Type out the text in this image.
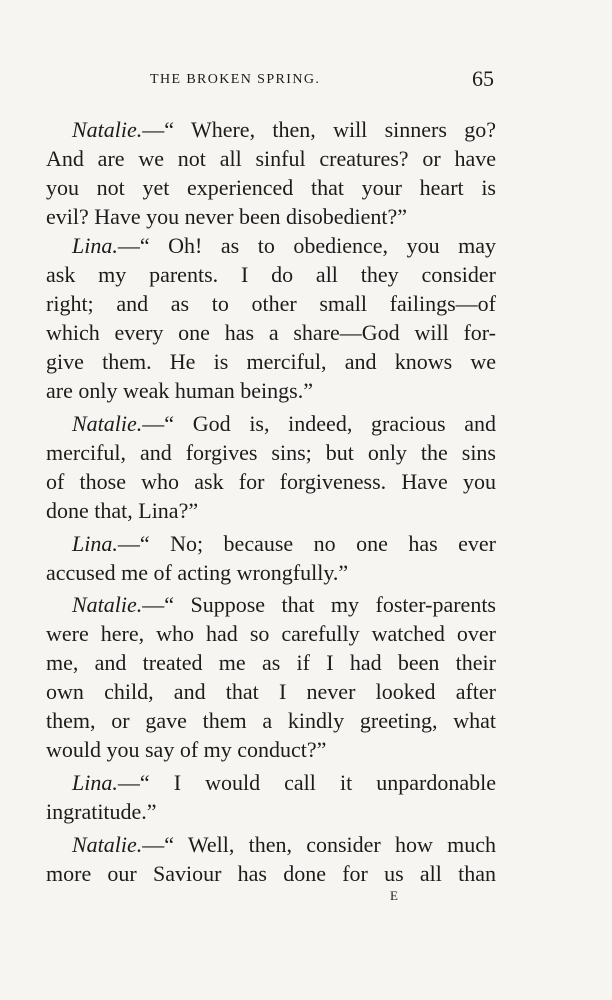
THE BROKEN SPRING.	65
Natalie.—“ Where, then, will sinners go?
And are we not all sinful creatures? or have
you not yet experienced that your heart is
evil? Have you never been disobedient?”
Lina.—“ Oh! as to obedience, you may
ask my parents. I do all they consider
right; and as to other small failings—of
which every one has a share—God will for-
give them. He is merciful, and knows we
are only weak human beings.”
Natalie.—“ God is, indeed, gracious and
merciful, and forgives sins; but only the sins
of those who ask for forgiveness. Have you
done that, Lina?”
Lina.—“ No; because no one has ever
accused me of acting wrongfully.”
Natalie.—“ Suppose that my foster-parents
were here, who had so carefully watched over
me, and treated me as if I had been their
own child, and that I never looked after
them, or gave them a kindly greeting, what
would you say of my conduct?”
Lina.—“ I would call it unpardonable
ingratitude.”
Natalie.—“ Well, then, consider how much
more our Saviour has done for us all than
E
